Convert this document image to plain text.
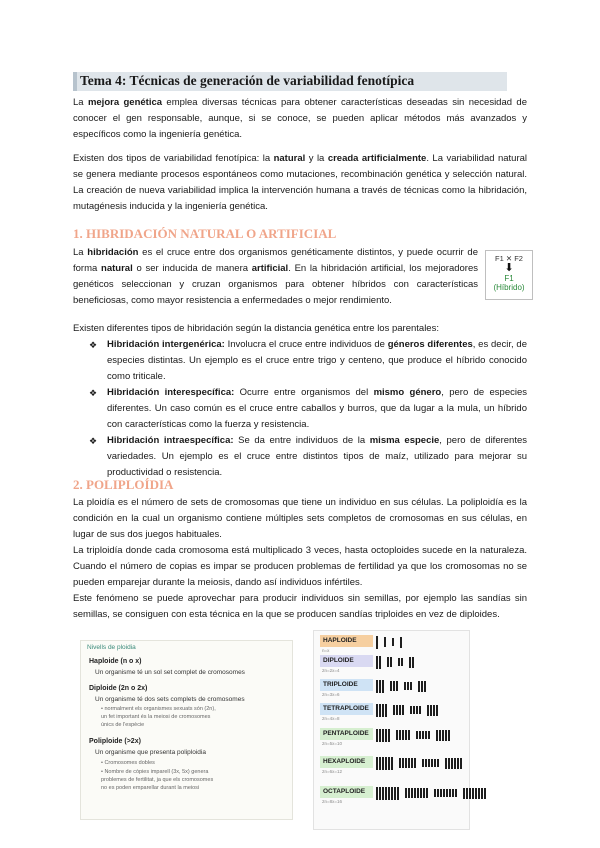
Tema 4: Técnicas de generación de variabilidad fenotípica
La mejora genética emplea diversas técnicas para obtener características deseadas sin necesidad de conocer el gen responsable, aunque, si se conoce, se pueden aplicar métodos más avanzados y específicos como la ingeniería genética.
Existen dos tipos de variabilidad fenotípica: la natural y la creada artificialmente. La variabilidad natural se genera mediante procesos espontáneos como mutaciones, recombinación genética y selección natural. La creación de nueva variabilidad implica la intervención humana a través de técnicas como la hibridación, mutagénesis inducida y la ingeniería genética.
1. HIBRIDACIÓN NATURAL O ARTIFICIAL
La hibridación es el cruce entre dos organismos genéticamente distintos, y puede ocurrir de forma natural o ser inducida de manera artificial. En la hibridación artificial, los mejoradores genéticos seleccionan y cruzan organismos para obtener híbridos con características beneficiosas, como mayor resistencia a enfermedades o mejor rendimiento.
F1 ✕ F2
⬇
F1
(Híbrido)
Existen diferentes tipos de hibridación según la distancia genética entre los parentales:
❖ Hibridación intergenérica: Involucra el cruce entre individuos de géneros diferentes, es decir, de especies distintas. Un ejemplo es el cruce entre trigo y centeno, que produce el híbrido conocido como triticale.
❖ Hibridación interespecífica: Ocurre entre organismos del mismo género, pero de especies diferentes. Un caso común es el cruce entre caballos y burros, que da lugar a la mula, un híbrido con características como la fuerza y resistencia.
❖ Hibridación intraespecífica: Se da entre individuos de la misma especie, pero de diferentes variedades. Un ejemplo es el cruce entre distintos tipos de maíz, utilizado para mejorar su productividad o resistencia.
2. POLIPLOÍDIA
La ploidía es el número de sets de cromosomas que tiene un individuo en sus células. La poliploidía es la condición en la cual un organismo contiene múltiples sets completos de cromosomas en sus células, en lugar de sus dos juegos habituales.
La triploidía donde cada cromosoma está multiplicado 3 veces, hasta octoploides sucede en la naturaleza. Cuando el número de copias es impar se producen problemas de fertilidad ya que los cromosomas no se pueden emparejar durante la meiosis, dando así individuos infértiles.
Este fenómeno se puede aprovechar para producir individuos sin semillas, por ejemplo las sandías sin semillas, se consiguen con esta técnica en la que se producen sandías triploides en vez de diploides.
Nivells de ploidia
Haploide (n o x)
Un organisme té un sol set complet de cromosomes
Diploide (2n o 2x)
Un organisme té dos sets complets de cromosomes
• normalment els organismes sexuats són (2n),
un fet important és la meiosi de cromosomes
únics de l'espècie
Poliploide (>2x)
Un organisme que presenta poliploidia
• Cromosomes dobles
• Nombre de còpies imparell (3x, 5x) genera
problemes de fertilitat, ja que els cromosomes
no es poden emparellar durant la meiosi
HAPLOIDE
n=x
DIPLOIDE
2n=2x=4
TRIPLOIDE
2n=3x=6
TETRAPLOIDE
2n=4x=8
PENTAPLOIDE
2n=5x=10
HEXAPLOIDE
2n=6x=12
OCTAPLOIDE
2n=8x=16
